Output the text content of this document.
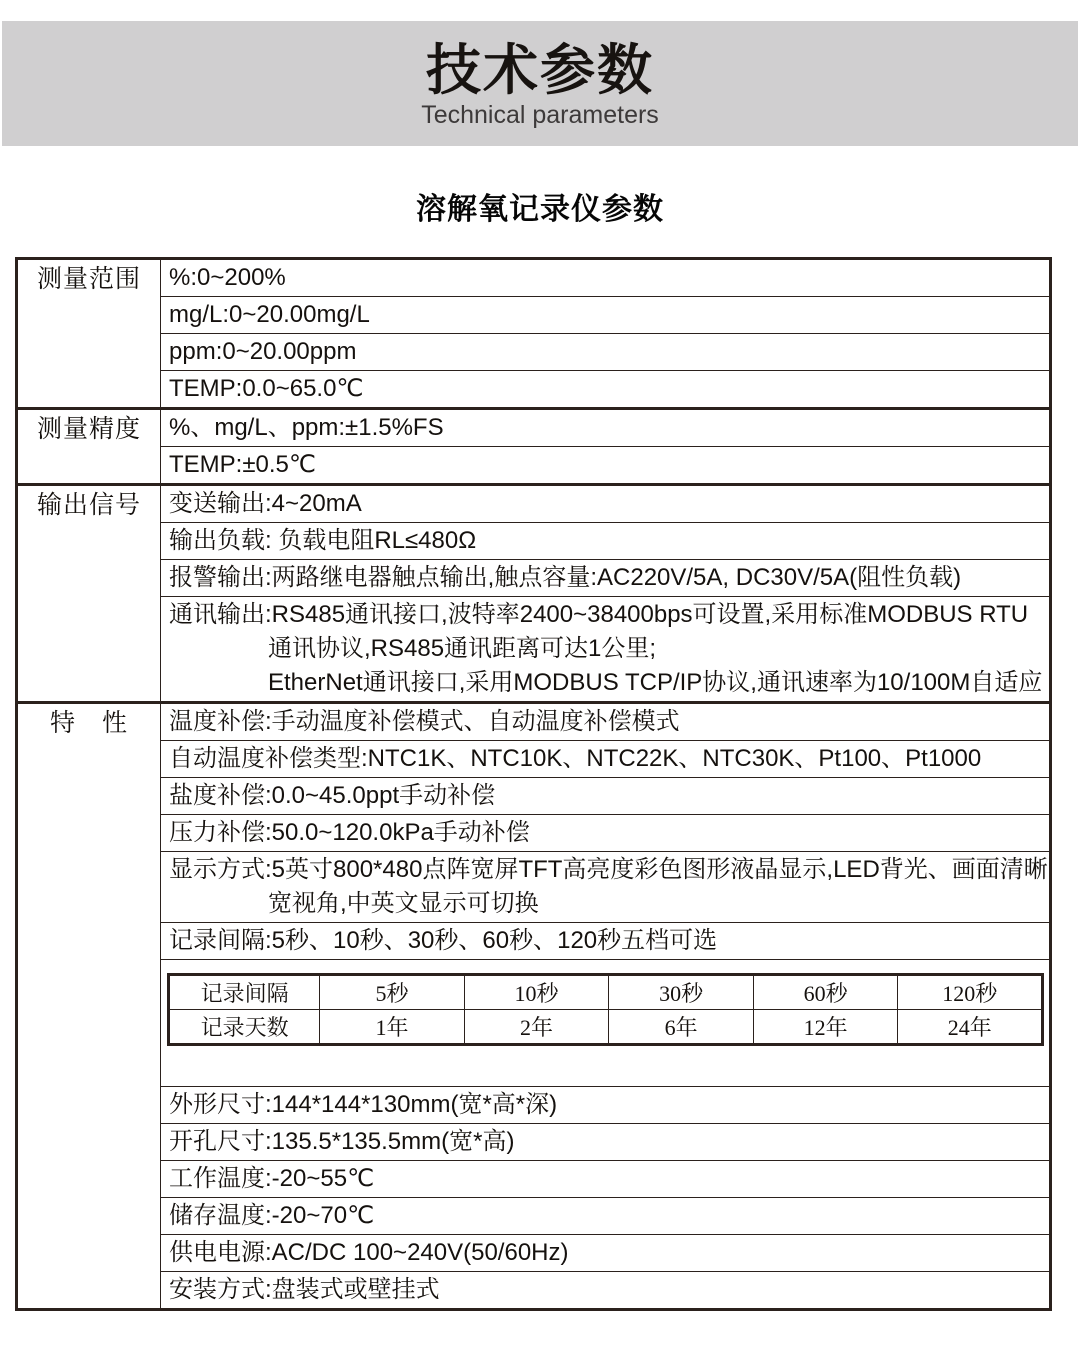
技术参数
Technical parameters
溶解氧记录仪参数
测量范围	%:0~200%

mg/L:0~20.00mg/L

ppm:0~20.00ppm

TEMP:0.0~65.0℃

测量精度	%、mg/L、ppm:±1.5%FS

TEMP:±0.5℃

输出信号	变送输出:4~20mA

输出负载: 负载电阻RL≤480Ω

报警输出:两路继电器触点输出,触点容量:AC220V/5A, DC30V/5A(阻性负载)

通讯输出:RS485通讯接口,波特率2400~38400bps可设置,采用标准MODBUS RTU
通讯协议,RS485通讯距离可达1公里;
EtherNet通讯接口,采用MODBUS TCP/IP协议,通讯速率为10/100M自适应

特　性	温度补偿:手动温度补偿模式、自动温度补偿模式

自动温度补偿类型:NTC1K、NTC10K、NTC22K、NTC30K、Pt100、Pt1000

盐度补偿:0.0~45.0ppt手动补偿

压力补偿:50.0~120.0kPa手动补偿

显示方式:5英寸800*480点阵宽屏TFT高亮度彩色图形液晶显示,LED背光、画面清晰
宽视角,中英文显示可切换

记录间隔:5秒、10秒、30秒、60秒、120秒五档可选

记录间隔	5秒	10秒	30秒	60秒	120秒
记录天数	1年	2年	6年	12年	24年

外形尺寸:144*144*130mm(宽*高*深)

开孔尺寸:135.5*135.5mm(宽*高)

工作温度:-20~55℃

储存温度:-20~70℃

供电电源:AC/DC 100~240V(50/60Hz)

安装方式:盘装式或壁挂式
